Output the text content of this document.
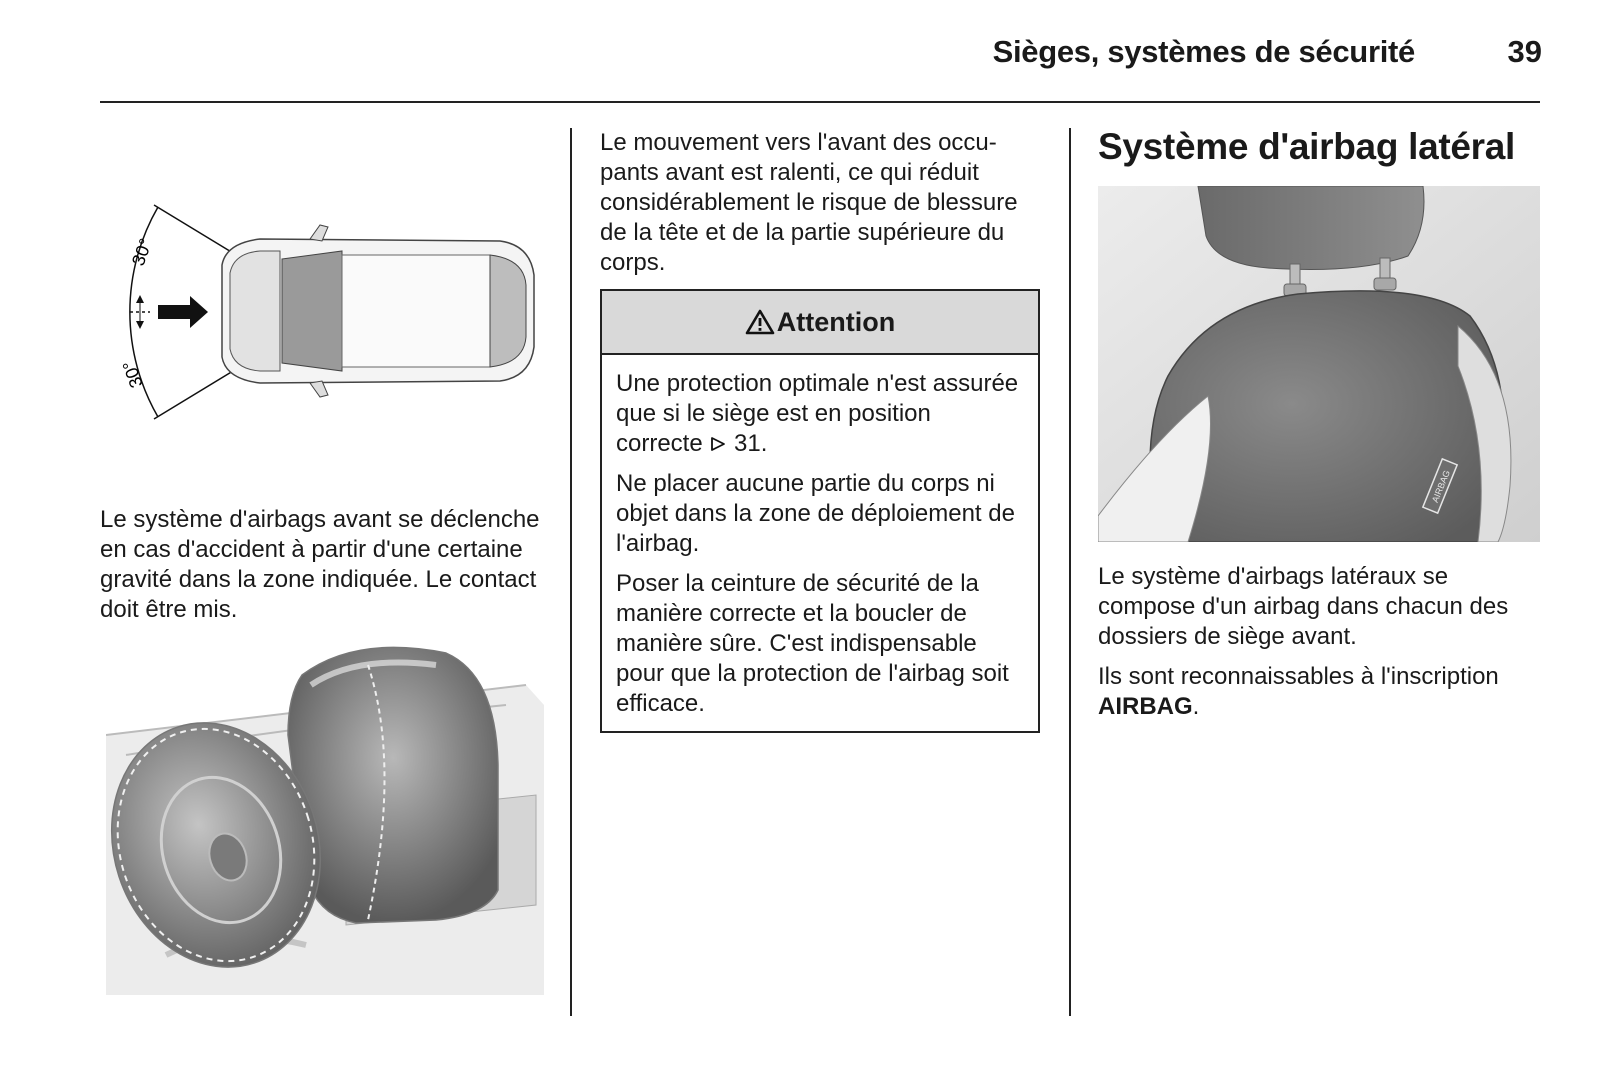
Sièges, systèmes de sécurité	39
30°
30°

Le système d'airbags avant se déclenche en cas d'accident à partir d'une certaine gravité dans la zone indiquée. Le contact doit être mis.

Le mouvement vers l'avant des occupants avant est ralenti, ce qui réduit considérablement le risque de blessure de la tête et de la partie supérieure du corps.

Attention

Une protection optimale n'est assurée que si le siège est en position correcte 31.

Ne placer aucune partie du corps ni objet dans la zone de déploiement de l'airbag.

Poser la ceinture de sécurité de la manière correcte et la boucler de manière sûre. C'est indispensable pour que la protection de l'airbag soit efficace.

Système d'airbag latéral
AIRBAG

Le système d'airbags latéraux se compose d'un airbag dans chacun des dossiers de siège avant.

Ils sont reconnaissables à l'inscription AIRBAG.
